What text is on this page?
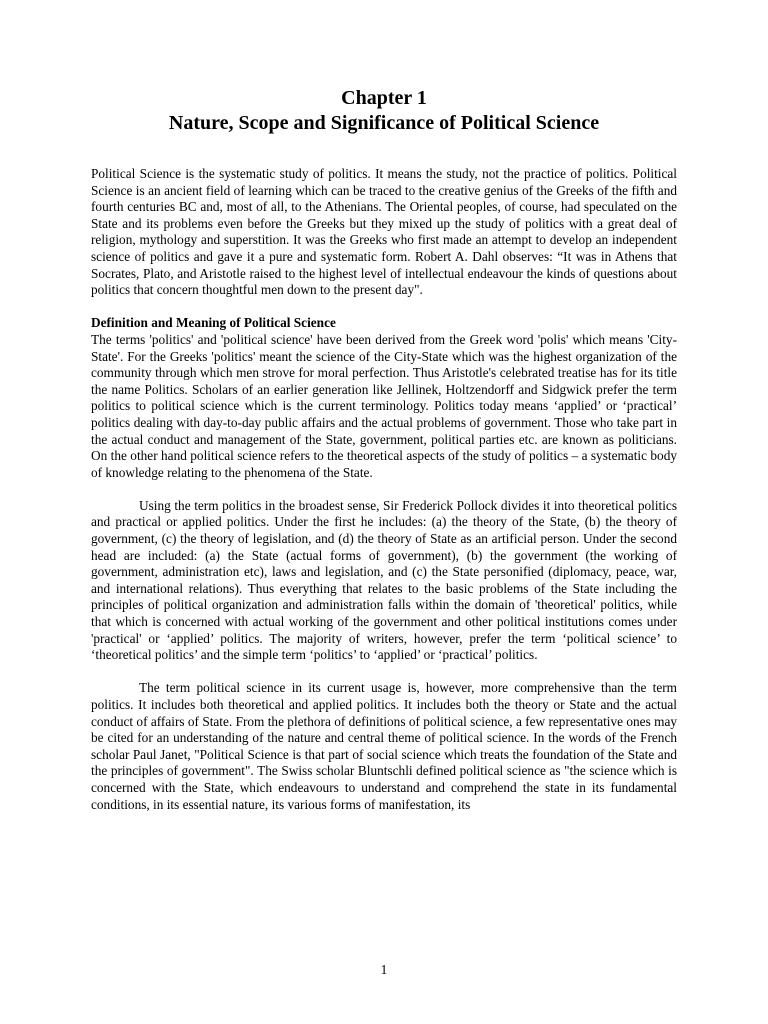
Chapter 1
Nature, Scope and Significance of Political Science

Political Science is the systematic study of politics. It means the study, not the practice of politics. Political Science is an ancient field of learning which can be traced to the creative genius of the Greeks of the fifth and fourth centuries BC and, most of all, to the Athenians. The Oriental peoples, of course, had speculated on the State and its problems even before the Greeks but they mixed up the study of politics with a great deal of religion, mythology and superstition. It was the Greeks who first made an attempt to develop an independent science of politics and gave it a pure and systematic form. Robert A. Dahl observes: “It was in Athens that Socrates, Plato, and Aristotle raised to the highest level of intellectual endeavour the kinds of questions about politics that concern thoughtful men down to the present day".

Definition and Meaning of Political Science
The terms 'politics' and 'political science' have been derived from the Greek word 'polis' which means 'City-State'. For the Greeks 'politics' meant the science of the City-State which was the highest organization of the community through which men strove for moral perfection. Thus Aristotle's celebrated treatise has for its title the name Politics. Scholars of an earlier generation like Jellinek, Holtzendorff and Sidgwick prefer the term politics to political science which is the current terminology. Politics today means ‘applied’ or ‘practical’ politics dealing with day-to-day public affairs and the actual problems of government. Those who take part in the actual conduct and management of the State, government, political parties etc. are known as politicians. On the other hand political science refers to the theoretical aspects of the study of politics – a systematic body of knowledge relating to the phenomena of the State.

Using the term politics in the broadest sense, Sir Frederick Pollock divides it into theoretical politics and practical or applied politics. Under the first he includes: (a) the theory of the State, (b) the theory of government, (c) the theory of legislation, and (d) the theory of State as an artificial person. Under the second head are included: (a) the State (actual forms of government), (b) the government (the working of government, administration etc), laws and legislation, and (c) the State personified (diplomacy, peace, war, and international relations). Thus everything that relates to the basic problems of the State including the principles of political organization and administration falls within the domain of 'theoretical' politics, while that which is concerned with actual working of the government and other political institutions comes under 'practical' or ‘applied’ politics. The majority of writers, however, prefer the term ‘political science’ to ‘theoretical politics’ and the simple term ‘politics’ to ‘applied’ or ‘practical’ politics.

The term political science in its current usage is, however, more comprehensive than the term politics. It includes both theoretical and applied politics. It includes both the theory or State and the actual conduct of affairs of State. From the plethora of definitions of political science, a few representative ones may be cited for an understanding of the nature and central theme of political science. In the words of the French scholar Paul Janet, "Political Science is that part of social science which treats the foundation of the State and the principles of government". The Swiss scholar Bluntschli defined political science as "the science which is concerned with the State, which endeavours to understand and comprehend the state in its fundamental conditions, in its essential nature, its various forms of manifestation, its

1
